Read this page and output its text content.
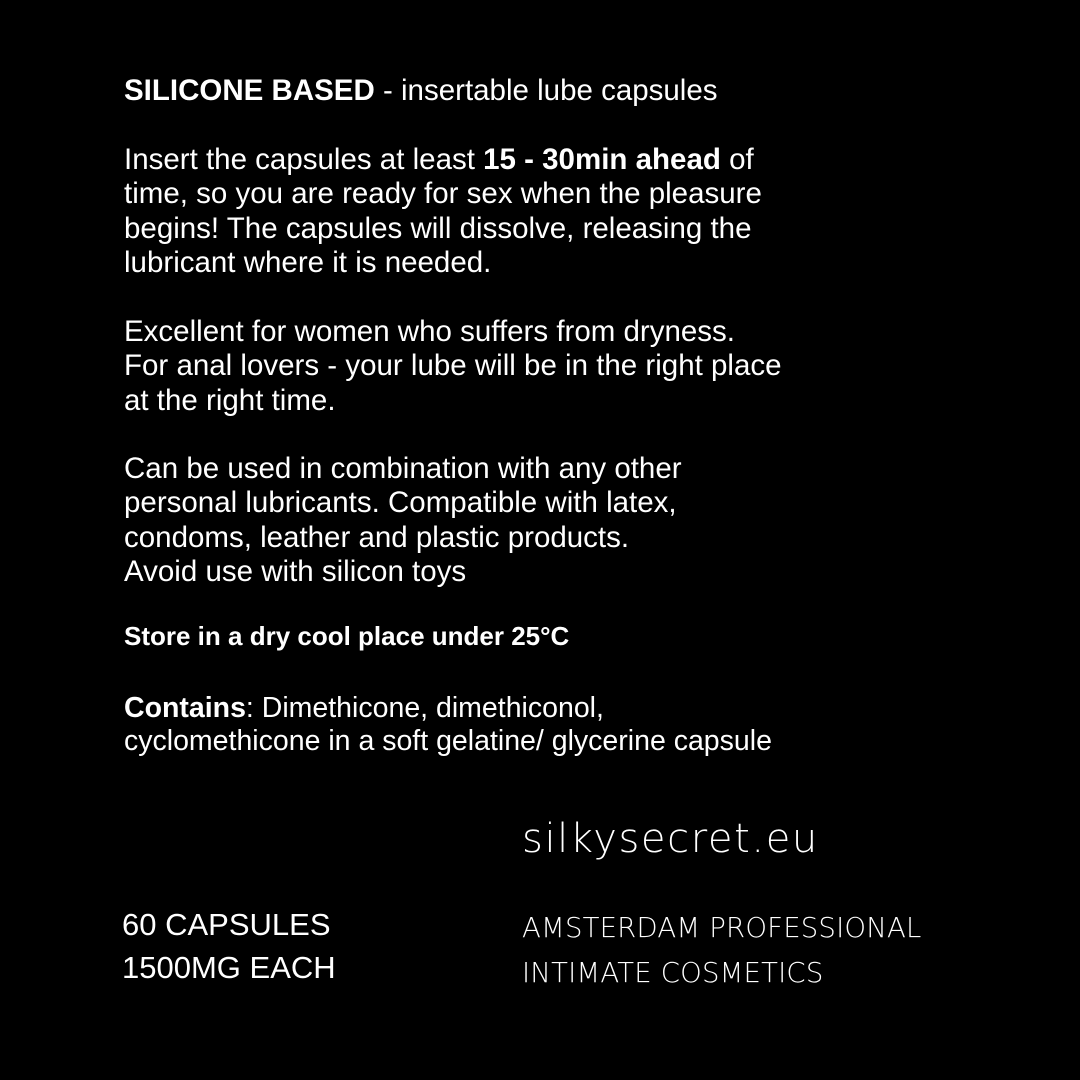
SILICONE BASED - insertable lube capsules
Insert the capsules at least 15 - 30min ahead of
time, so you are ready for sex when the pleasure
begins! The capsules will dissolve, releasing the
lubricant where it is needed.
Excellent for women who suffers from dryness.
For anal lovers - your lube will be in the right place
at the right time.
Can be used in combination with any other
personal lubricants. Compatible with latex,
condoms, leather and plastic products.
Avoid use with silicon toys
Store in a dry cool place under 25°C
Contains: Dimethicone, dimethiconol,
cyclomethicone in a soft gelatine/ glycerine capsule
silkysecret.eu
60 CAPSULES
1500MG EACH
AMSTERDAM PROFESSIONAL
INTIMATE COSMETICS
